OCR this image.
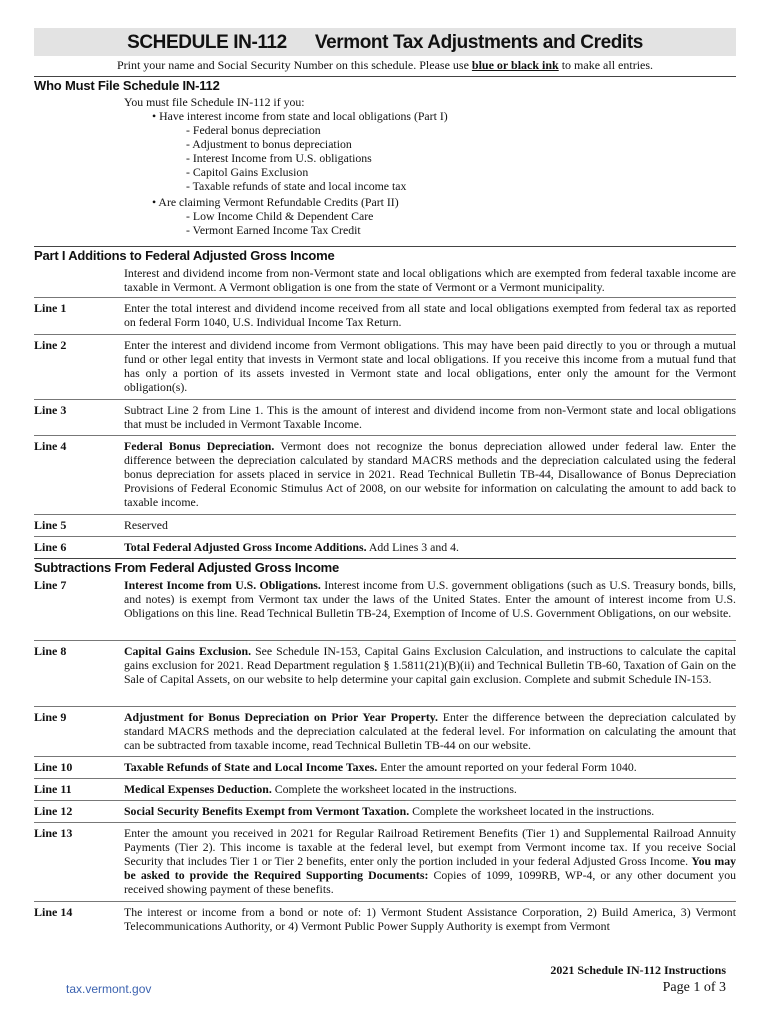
SCHEDULE IN-112 Vermont Tax Adjustments and Credits
Print your name and Social Security Number on this schedule. Please use blue or black ink to make all entries.
Who Must File Schedule IN-112
You must file Schedule IN-112 if you:
• Have interest income from state and local obligations (Part I)
- Federal bonus depreciation
- Adjustment to bonus depreciation
- Interest Income from U.S. obligations
- Capitol Gains Exclusion
- Taxable refunds of state and local income tax
• Are claiming Vermont Refundable Credits (Part II)
- Low Income Child & Dependent Care
- Vermont Earned Income Tax Credit
Part I Additions to Federal Adjusted Gross Income
Interest and dividend income from non-Vermont state and local obligations which are exempted from federal taxable income are taxable in Vermont. A Vermont obligation is one from the state of Vermont or a Vermont municipality.
Line 1	Enter the total interest and dividend income received from all state and local obligations exempted from federal tax as reported on federal Form 1040, U.S. Individual Income Tax Return.
Line 2	Enter the interest and dividend income from Vermont obligations. This may have been paid directly to you or through a mutual fund or other legal entity that invests in Vermont state and local obligations. If you receive this income from a mutual fund that has only a portion of its assets invested in Vermont state and local obligations, enter only the amount for the Vermont obligation(s).
Line 3	Subtract Line 2 from Line 1. This is the amount of interest and dividend income from non-Vermont state and local obligations that must be included in Vermont Taxable Income.
Line 4	Federal Bonus Depreciation. Vermont does not recognize the bonus depreciation allowed under federal law. Enter the difference between the depreciation calculated by standard MACRS methods and the depreciation calculated using the federal bonus depreciation for assets placed in service in 2021. Read Technical Bulletin TB-44, Disallowance of Bonus Depreciation Provisions of Federal Economic Stimulus Act of 2008, on our website for information on calculating the amount to add back to taxable income.
Line 5	Reserved
Line 6	Total Federal Adjusted Gross Income Additions. Add Lines 3 and 4.
Subtractions From Federal Adjusted Gross Income
Line 7	Interest Income from U.S. Obligations. Interest income from U.S. government obligations (such as U.S. Treasury bonds, bills, and notes) is exempt from Vermont tax under the laws of the United States. Enter the amount of interest income from U.S. Obligations on this line. Read Technical Bulletin TB-24, Exemption of Income of U.S. Government Obligations, on our website.
Line 8	Capital Gains Exclusion. See Schedule IN-153, Capital Gains Exclusion Calculation, and instructions to calculate the capital gains exclusion for 2021. Read Department regulation § 1.5811(21)(B)(ii) and Technical Bulletin TB-60, Taxation of Gain on the Sale of Capital Assets, on our website to help determine your capital gain exclusion. Complete and submit Schedule IN-153.
Line 9	Adjustment for Bonus Depreciation on Prior Year Property. Enter the difference between the depreciation calculated by standard MACRS methods and the depreciation calculated at the federal level. For information on calculating the amount that can be subtracted from taxable income, read Technical Bulletin TB-44 on our website.
Line 10	Taxable Refunds of State and Local Income Taxes. Enter the amount reported on your federal Form 1040.
Line 11	Medical Expenses Deduction. Complete the worksheet located in the instructions.
Line 12	Social Security Benefits Exempt from Vermont Taxation. Complete the worksheet located in the instructions.
Line 13	Enter the amount you received in 2021 for Regular Railroad Retirement Benefits (Tier 1) and Supplemental Railroad Annuity Payments (Tier 2). This income is taxable at the federal level, but exempt from Vermont income tax. If you receive Social Security that includes Tier 1 or Tier 2 benefits, enter only the portion included in your federal Adjusted Gross Income. You may be asked to provide the Required Supporting Documents: Copies of 1099, 1099RB, WP-4, or any other document you received showing payment of these benefits.
Line 14	The interest or income from a bond or note of: 1) Vermont Student Assistance Corporation, 2) Build America, 3) Vermont Telecommunications Authority, or 4) Vermont Public Power Supply Authority is exempt from Vermont
tax.vermont.gov
2021 Schedule IN-112 Instructions
Page 1 of 3
